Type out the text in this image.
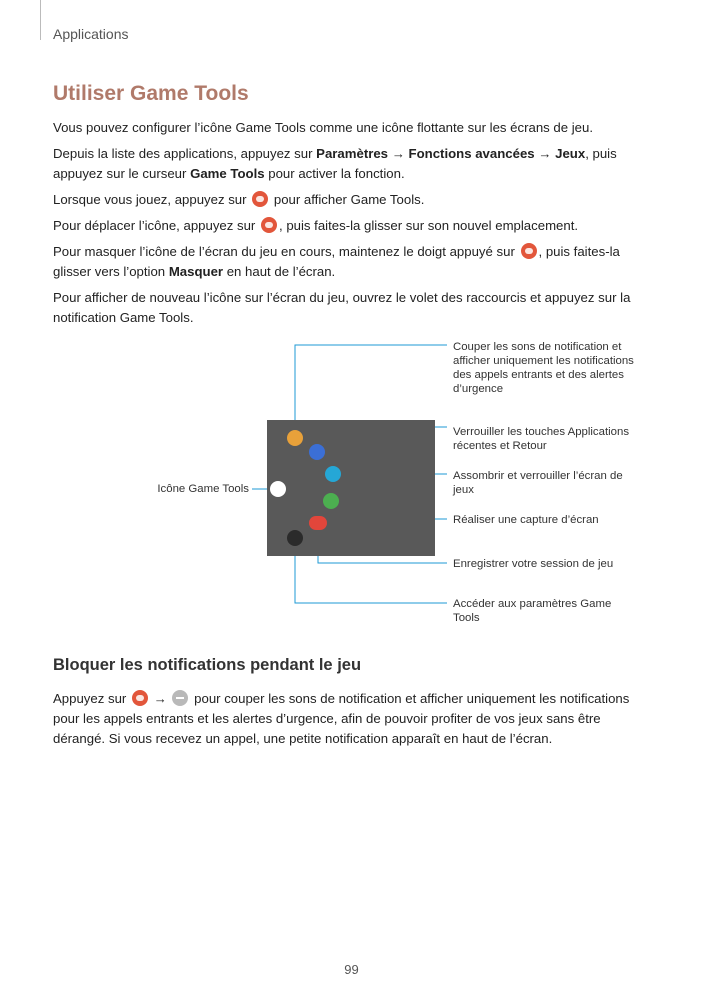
Applications
Utiliser Game Tools

Vous pouvez configurer l’icône Game Tools comme une icône flottante sur les écrans de jeu.

Depuis la liste des applications, appuyez sur Paramètres → Fonctions avancées → Jeux, puis appuyez sur le curseur Game Tools pour activer la fonction.

Lorsque vous jouez, appuyez sur  pour afficher Game Tools.

Pour déplacer l’icône, appuyez sur , puis faites-la glisser sur son nouvel emplacement.

Pour masquer l’icône de l’écran du jeu en cours, maintenez le doigt appuyé sur , puis faites-la glisser vers l’option Masquer en haut de l’écran.

Pour afficher de nouveau l’icône sur l’écran du jeu, ouvrez le volet des raccourcis et appuyez sur la notification Game Tools.

Icône Game Tools
Couper les sons de notification et afficher uniquement les notifications des appels entrants et des alertes d’urgence
Verrouiller les touches Applications récentes et Retour
Assombrir et verrouiller l’écran de jeux
Réaliser une capture d’écran
Enregistrer votre session de jeu
Accéder aux paramètres Game Tools
Bloquer les notifications pendant le jeu

Appuyez sur  →  pour couper les sons de notification et afficher uniquement les notifications pour les appels entrants et les alertes d’urgence, afin de pouvoir profiter de vos jeux sans être dérangé. Si vous recevez un appel, une petite notification apparaît en haut de l’écran.

99
